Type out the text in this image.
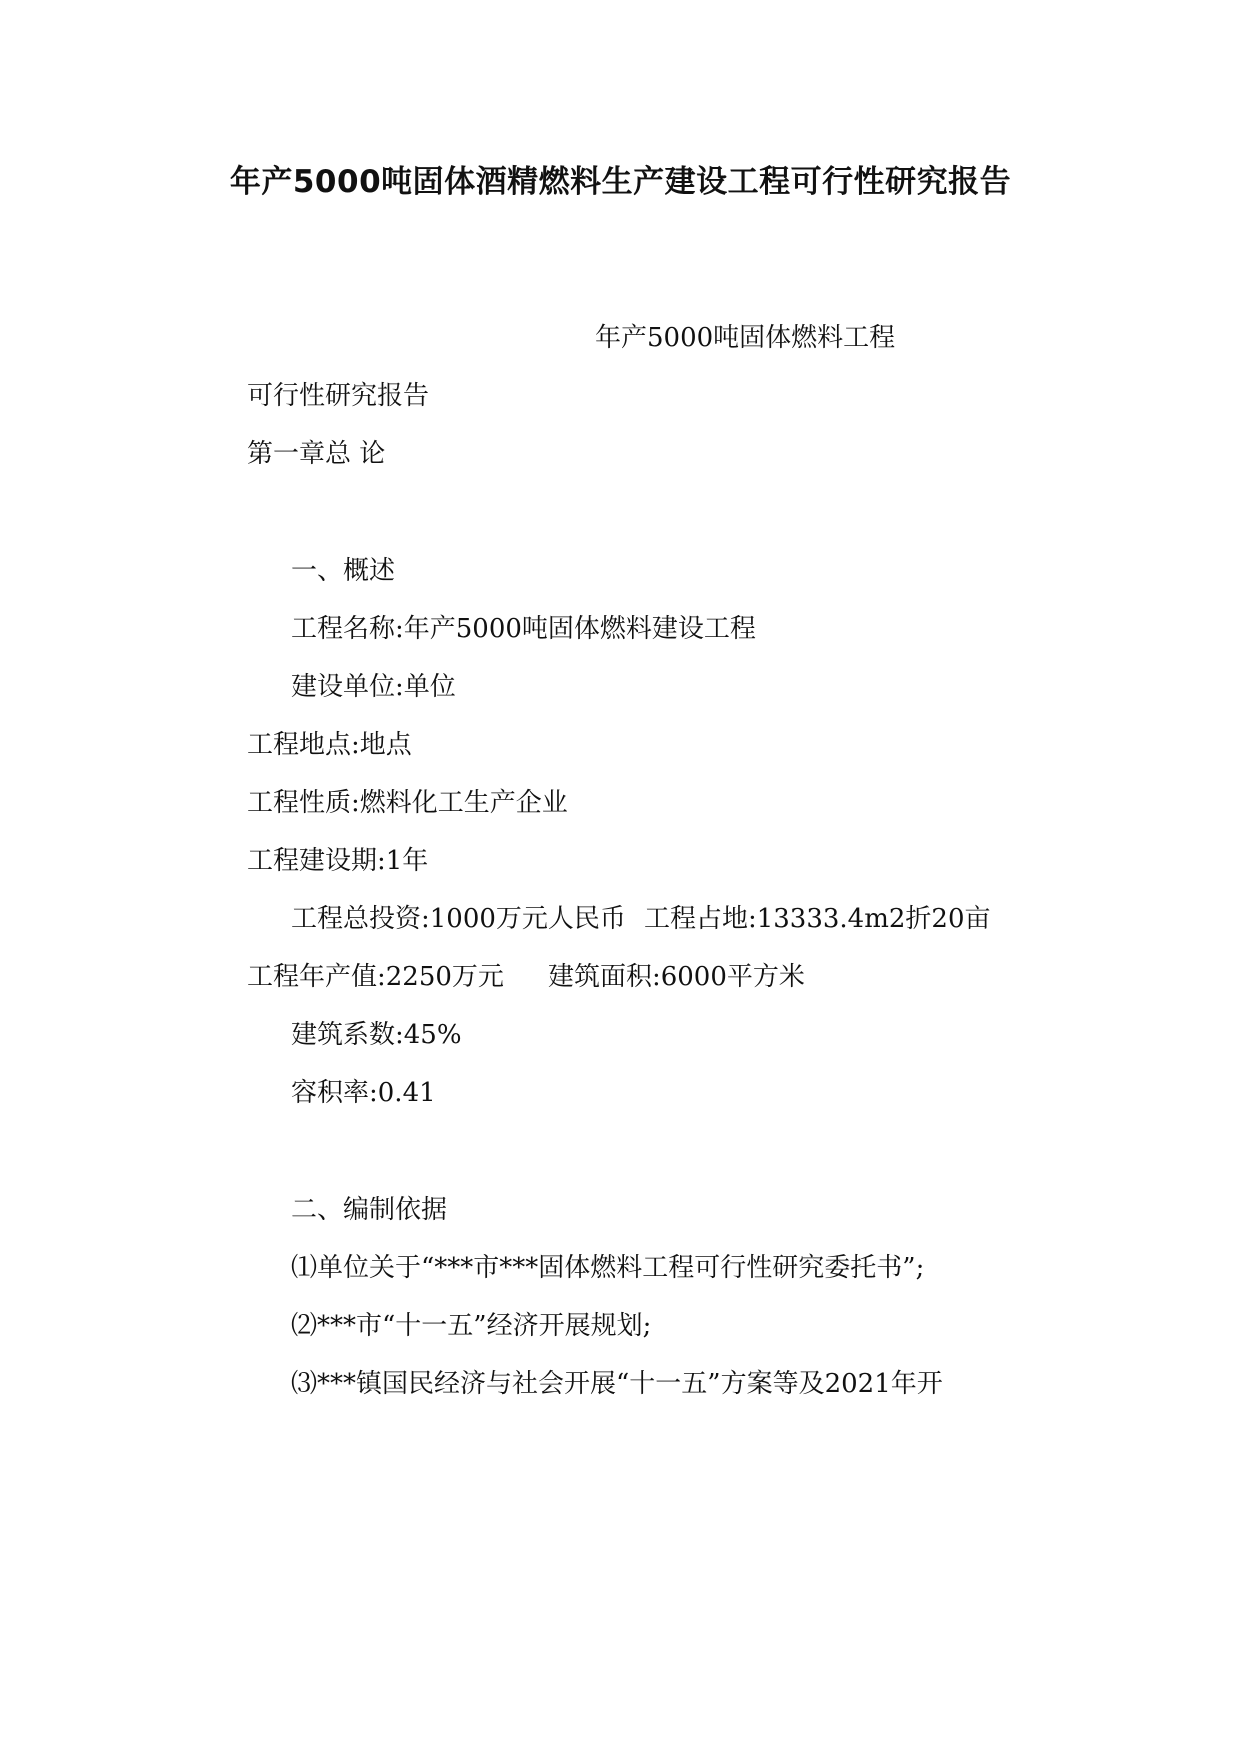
年产5000吨固体酒精燃料生产建设工程可行性研究报告
年产5000吨固体燃料工程
可行性研究报告
第一章总 论
一、概述
工程名称:年产5000吨固体燃料建设工程
建设单位:单位
工程地点:地点
工程性质:燃料化工生产企业
工程建设期:1年
工程总投资:1000万元人民币 工程占地:13333.4m2折20亩
工程年产值:2250万元 建筑面积:6000平方米
建筑系数:45%
容积率:0.41
二、编制依据
⑴单位关于“***市***固体燃料工程可行性研究委托书”;
⑵***市“十一五”经济开展规划;
⑶***镇国民经济与社会开展“十一五”方案等及2021年开
